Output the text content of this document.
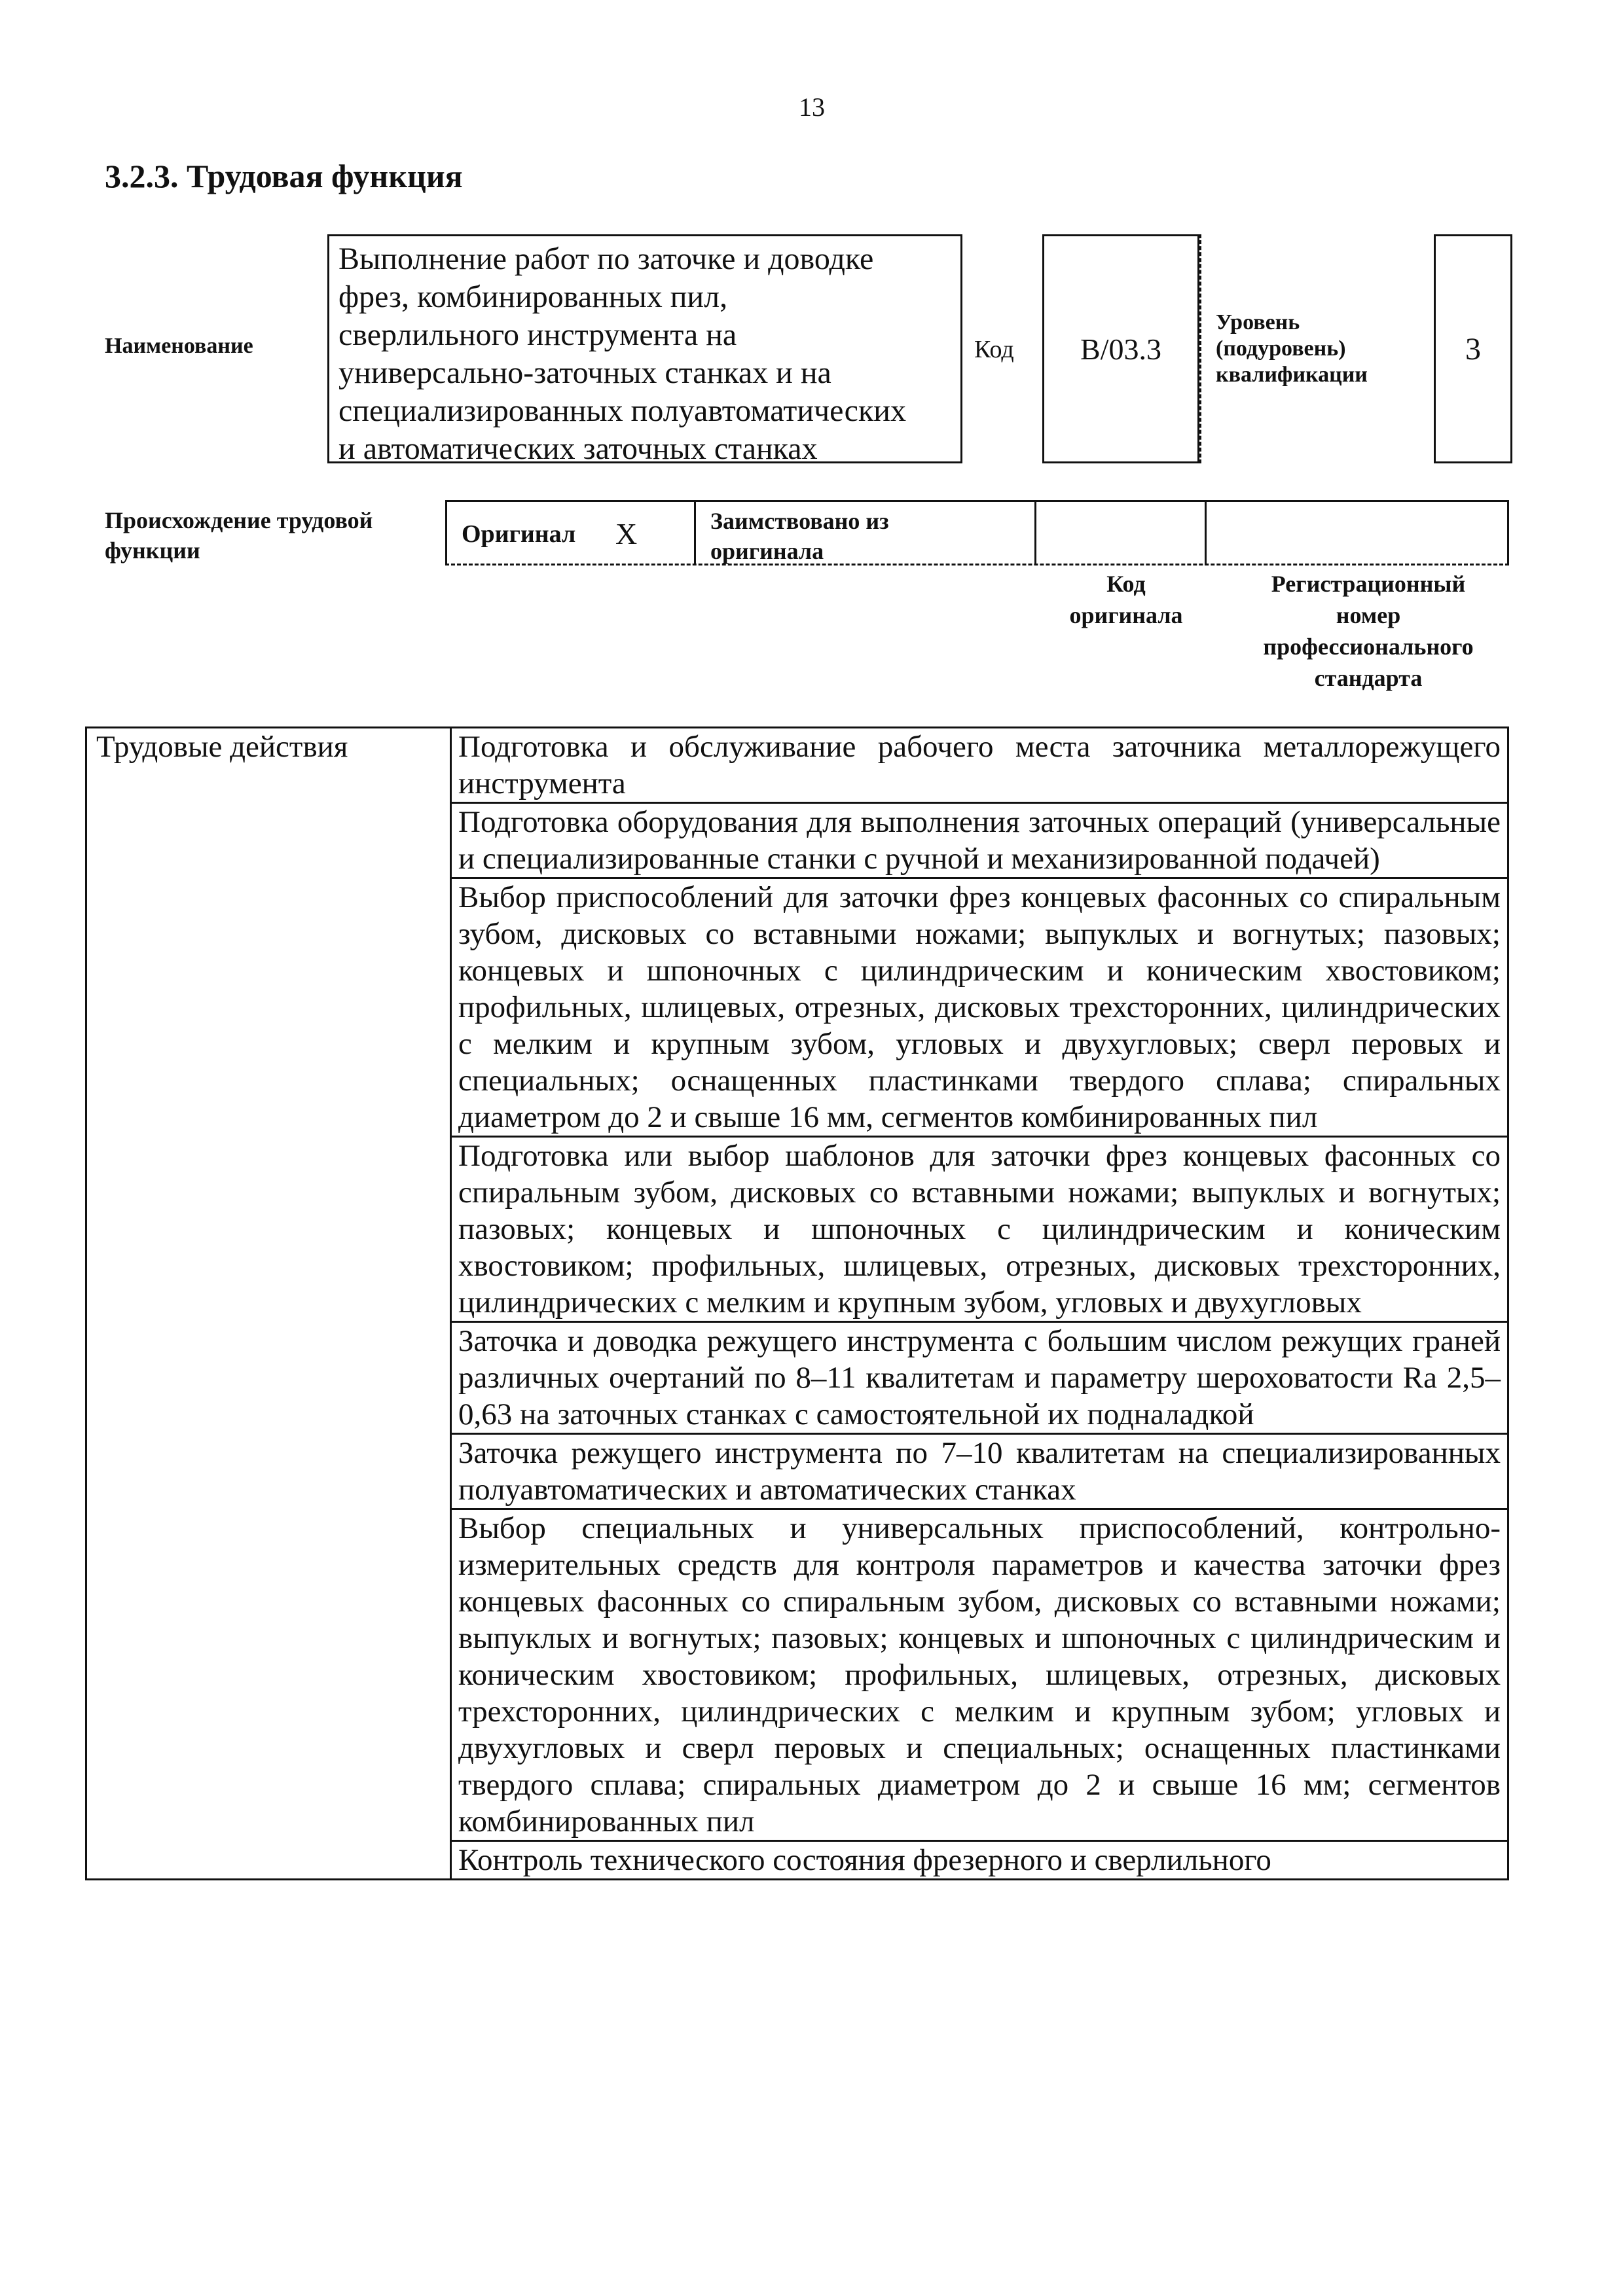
13
3.2.3. Трудовая функция
Наименование
Выполнение работ по заточке и доводке
фрез, комбинированных пил,
сверлильного инструмента на
универсально-заточных станках и на
специализированных полуавтоматических
и автоматических заточных станках
Код	B/03.3
Уровень
(подуровень)
квалификации
3
Происхождение трудовой
функции
Оригинал	X	Заимствовано из
оригинала
Код
оригинала
Регистрационный
номер
профессионального
стандарта
Трудовые действия	Подготовка и обслуживание рабочего места заточника металлорежущего инструмента
Подготовка оборудования для выполнения заточных операций (универсальные и специализированные станки с ручной и механизированной подачей)
Выбор приспособлений для заточки фрез концевых фасонных со спиральным зубом, дисковых со вставными ножами; выпуклых и вогнутых; пазовых; концевых и шпоночных с цилиндрическим и коническим хвостовиком; профильных, шлицевых, отрезных, дисковых трехсторонних, цилиндрических с мелким и крупным зубом, угловых и двухугловых; сверл перовых и специальных; оснащенных пластинками твердого сплава; спиральных диаметром до 2 и свыше 16 мм, сегментов комбинированных пил
Подготовка или выбор шаблонов для заточки фрез концевых фасонных со спиральным зубом, дисковых со вставными ножами; выпуклых и вогнутых; пазовых; концевых и шпоночных с цилиндрическим и коническим хвостовиком; профильных, шлицевых, отрезных, дисковых трехсторонних, цилиндрических с мелким и крупным зубом, угловых и двухугловых
Заточка и доводка режущего инструмента с большим числом режущих граней различных очертаний по 8–11 квалитетам и параметру шероховатости Ra 2,5–0,63 на заточных станках с самостоятельной их подналадкой
Заточка режущего инструмента по 7–10 квалитетам на специализированных полуавтоматических и автоматических станках
Выбор специальных и универсальных приспособлений, контрольно-измерительных средств для контроля параметров и качества заточки фрез концевых фасонных со спиральным зубом, дисковых со вставными ножами; выпуклых и вогнутых; пазовых; концевых и шпоночных с цилиндрическим и коническим хвостовиком; профильных, шлицевых, отрезных, дисковых трехсторонних, цилиндрических с мелким и крупным зубом; угловых и двухугловых и сверл перовых и специальных; оснащенных пластинками твердого сплава; спиральных диаметром до 2 и свыше 16 мм; сегментов комбинированных пил
Контроль технического состояния фрезерного и сверлильного
